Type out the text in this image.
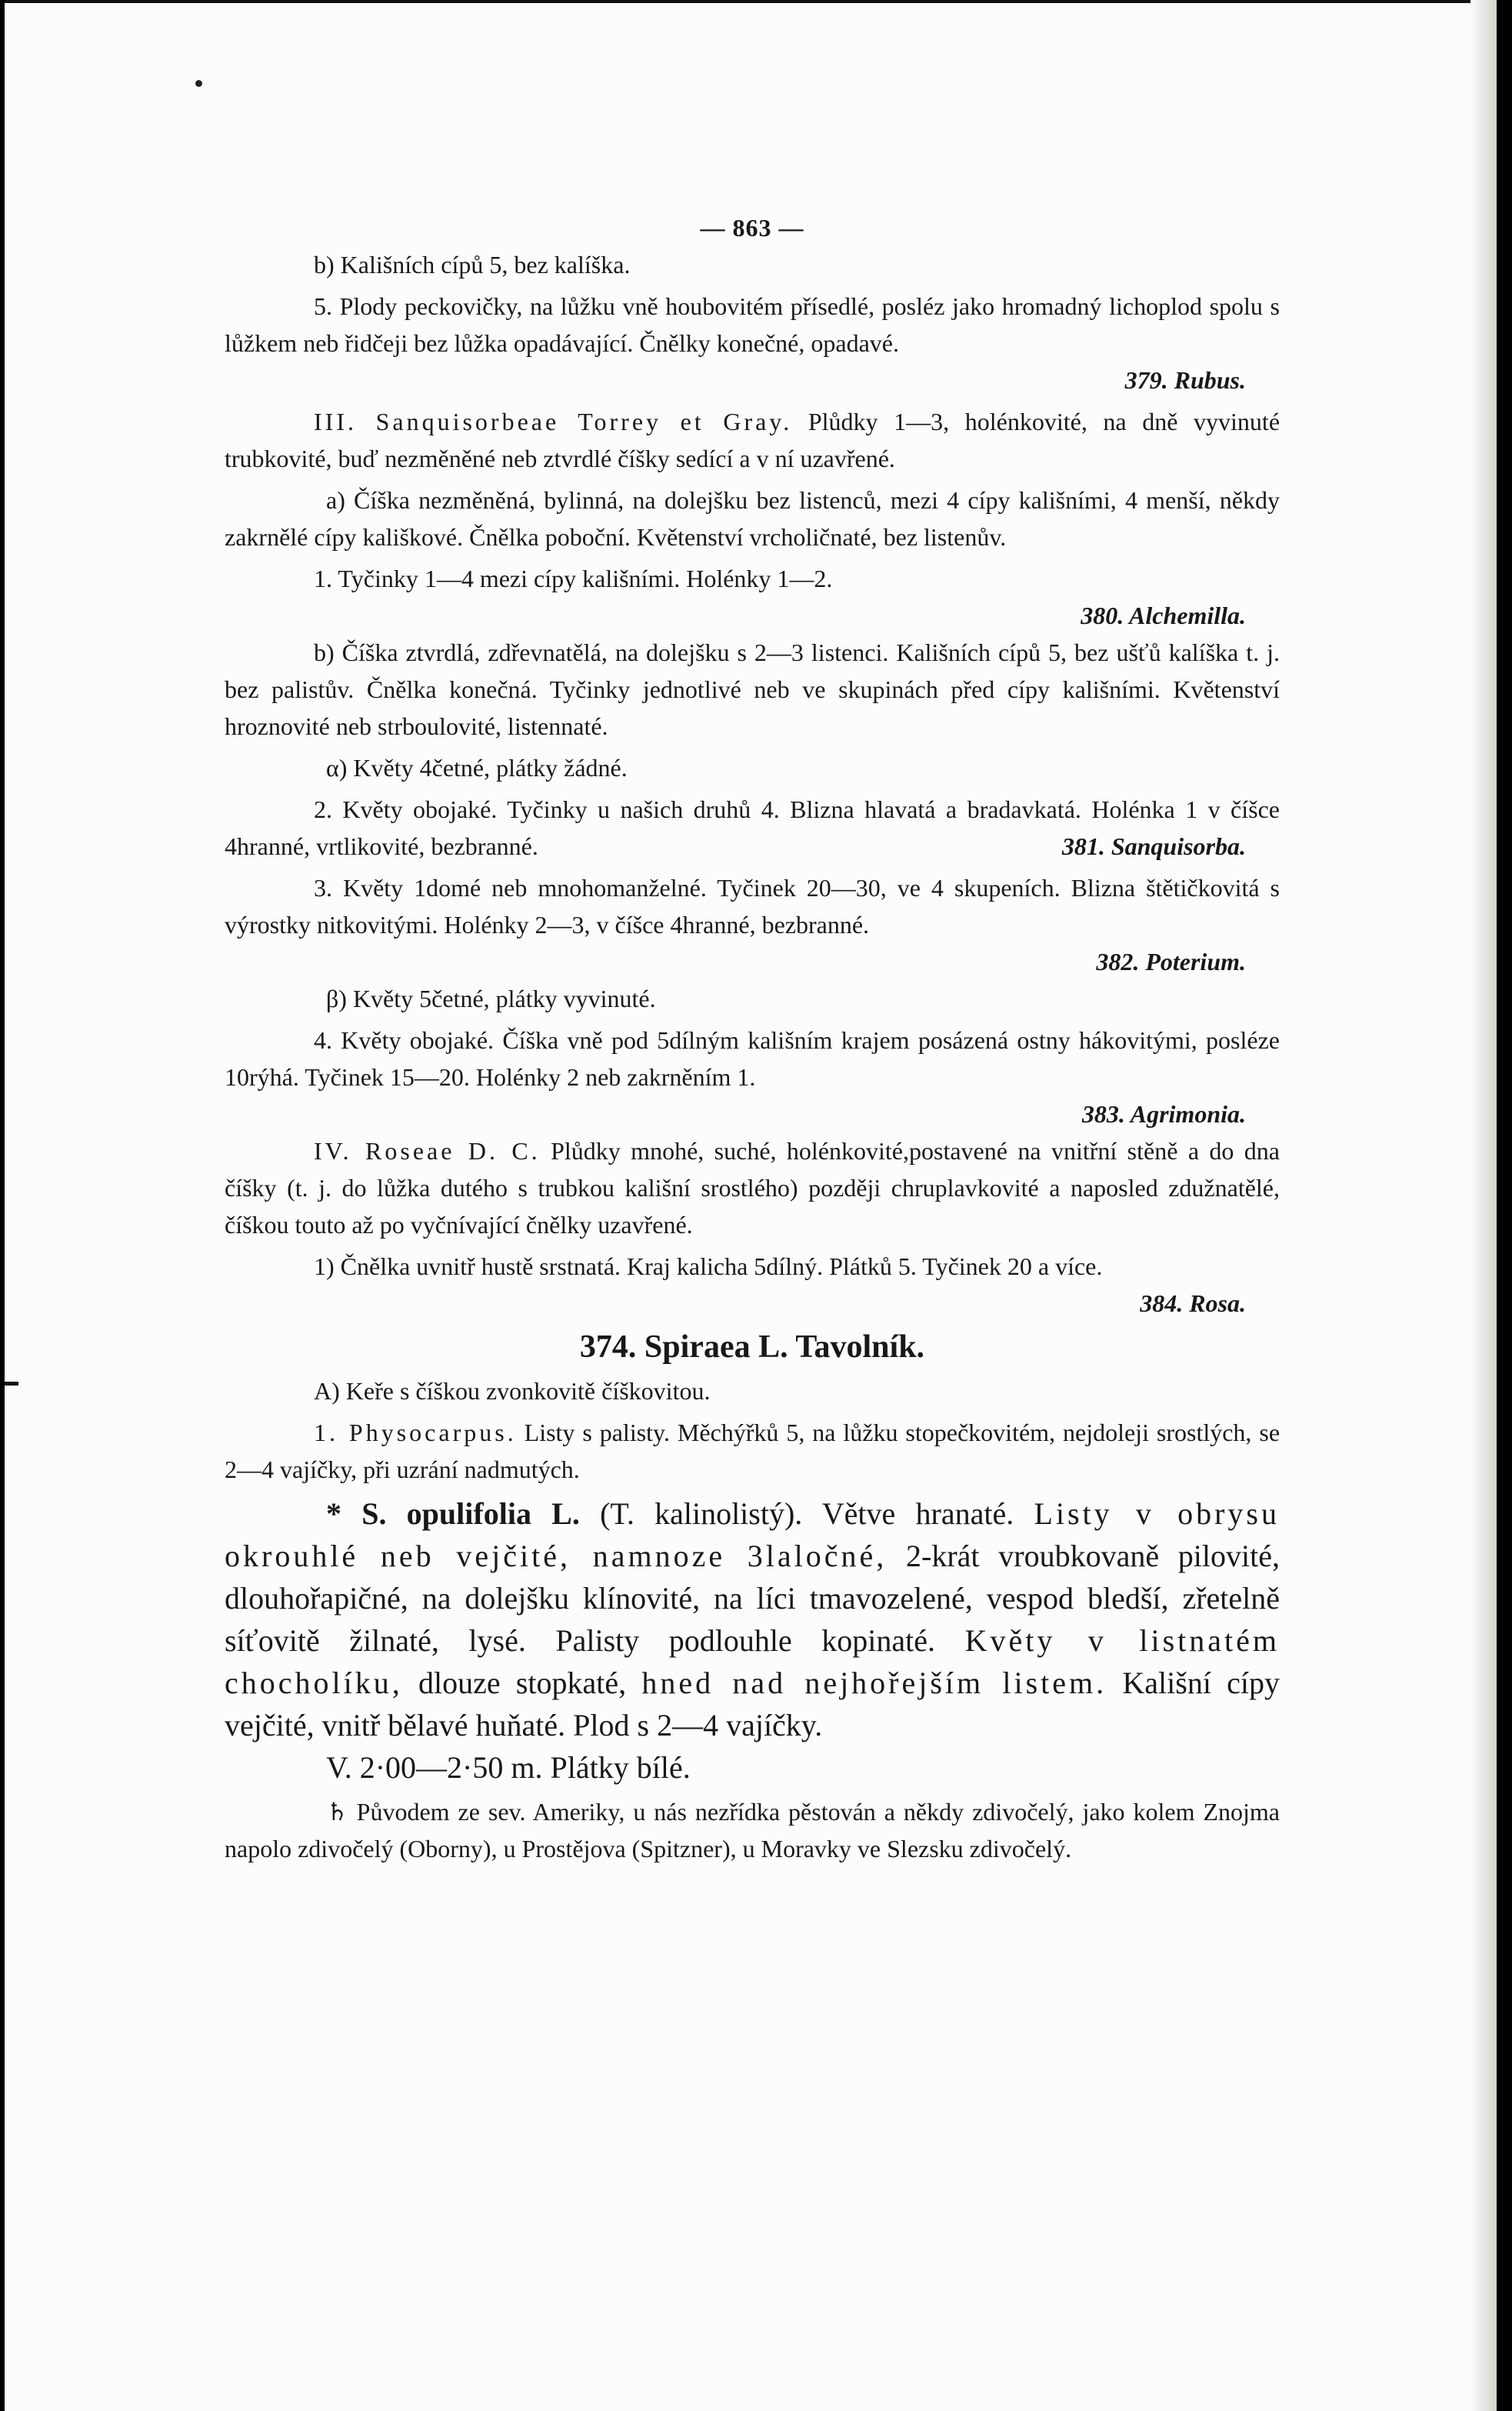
— 863 —

b) Kališních cípů 5, bez kalíška.

5. Plody peckovičky, na lůžku vně houbovitém přísedlé, posléz jako hromadný lichoplod spolu s lůžkem neb řidčeji bez lůžka opadávající. Čnělky konečné, opadavé.

379. Rubus.

III. Sanquisorbeae Torrey et Gray. Plůdky 1—3, holénkovité, na dně vyvinuté trubkovité, buď nezměněné neb ztvrdlé číšky sedící a v ní uzavřené.

a) Číška nezměněná, bylinná, na dolejšku bez listenců, mezi 4 cípy kališními, 4 menší, někdy zakrnělé cípy kališkové. Čnělka poboční. Květenství vrcholičnaté, bez listenův.

1. Tyčinky 1—4 mezi cípy kališními. Holénky 1—2.

380. Alchemilla.

b) Číška ztvrdlá, zdřevnatělá, na dolejšku s 2—3 listenci. Kališních cípů 5, bez ušťů kalíška t. j. bez palistův. Čnělka konečná. Tyčinky jednotlivé neb ve skupinách před cípy kališními. Květenství hroznovité neb strboulovité, listennaté.

α) Květy 4četné, plátky žádné.

2. Květy obojaké. Tyčinky u našich druhů 4. Blizna hlavatá a bradavkatá. Holénka 1 v číšce 4hranné, vrtlikovité, bezbranné.	381. Sanquisorba.

3. Květy 1domé neb mnohomanželné. Tyčinek 20—30, ve 4 skupeních. Blizna štětičkovitá s výrostky nitkovitými. Holénky 2—3, v číšce 4hranné, bezbranné.

382. Poterium.

β) Květy 5četné, plátky vyvinuté.

4. Květy obojaké. Číška vně pod 5dílným kališním krajem posázená ostny hákovitými, posléze 10rýhá. Tyčinek 15—20. Holénky 2 neb zakrněním 1.

383. Agrimonia.

IV. Roseae D. C. Plůdky mnohé, suché, holénkovité,postavené na vnitřní stěně a do dna číšky (t. j. do lůžka dutého s trubkou kališní srostlého) později chruplavkovité a naposled zdužnatělé, číškou touto až po vyčnívající čnělky uzavřené.

1) Čnělka uvnitř hustě srstnatá. Kraj kalicha 5dílný. Plátků 5. Tyčinek 20 a více.

384. Rosa.

374. Spiraea L. Tavolník.

A) Keře s číškou zvonkovitě číškovitou.

1. Physocarpus. Listy s palisty. Měchýřků 5, na lůžku stopečkovitém, nejdoleji srostlých, se 2—4 vajíčky, při uzrání nadmutých.

* S. opulifolia L. (T. kalinolistý). Větve hranaté. Listy v obrysu okrouhlé neb vejčité, namnoze 3laločné, 2-krát vroubkovaně pilovité, dlouhořapičné, na dolejšku klínovité, na líci tmavozelené, vespod bledší, zřetelně síťovitě žilnaté, lysé. Palisty podlouhle kopinaté. Květy v listnatém chocholíku, dlouze stopkaté, hned nad nejhořejším listem. Kališní cípy vejčité, vnitř bělavé huňaté. Plod s 2—4 vajíčky.

V. 2·00—2·50 m. Plátky bílé.

♄ Původem ze sev. Ameriky, u nás nezřídka pěstován a někdy zdivočelý, jako kolem Znojma napolo zdivočelý (Oborny), u Prostějova (Spitzner), u Moravky ve Slezsku zdivočelý.
